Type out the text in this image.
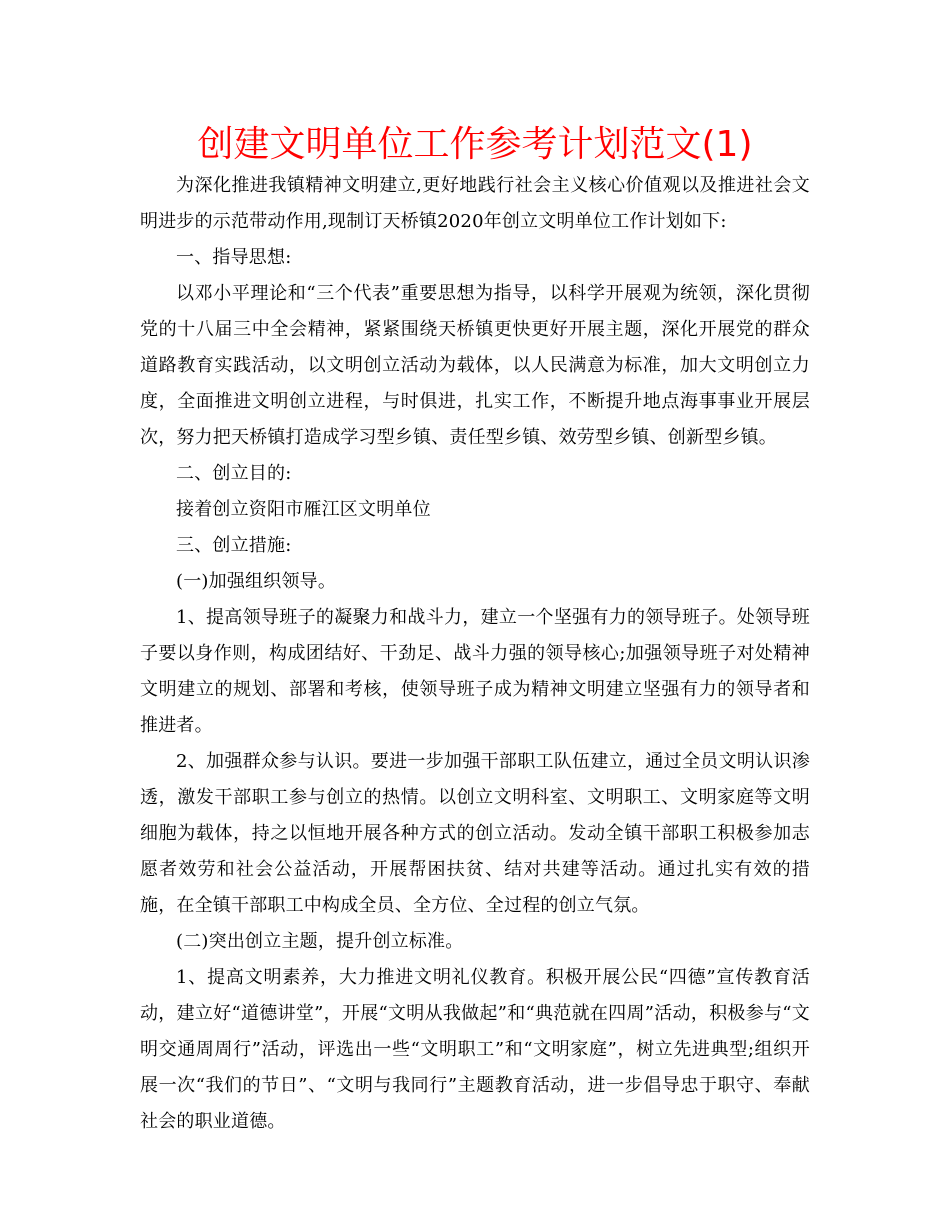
创建文明单位工作参考计划范文(1)

为深化推进我镇精神文明建立,更好地践行社会主义核心价值观以及推进社会文明进步的示范带动作用,现制订天桥镇2020年创立文明单位工作计划如下:

一、指导思想:

以邓小平理论和“三个代表”重要思想为指导，以科学开展观为统领，深化贯彻党的十八届三中全会精神，紧紧围绕天桥镇更快更好开展主题，深化开展党的群众道路教育实践活动，以文明创立活动为载体，以人民满意为标准，加大文明创立力度，全面推进文明创立进程，与时俱进，扎实工作，不断提升地点海事事业开展层次，努力把天桥镇打造成学习型乡镇、责任型乡镇、效劳型乡镇、创新型乡镇。

二、创立目的:

接着创立资阳市雁江区文明单位

三、创立措施:

(一)加强组织领导。

1、提高领导班子的凝聚力和战斗力，建立一个坚强有力的领导班子。处领导班子要以身作则，构成团结好、干劲足、战斗力强的领导核心;加强领导班子对处精神文明建立的规划、部署和考核，使领导班子成为精神文明建立坚强有力的领导者和推进者。

2、加强群众参与认识。要进一步加强干部职工队伍建立，通过全员文明认识渗透，激发干部职工参与创立的热情。以创立文明科室、文明职工、文明家庭等文明细胞为载体，持之以恒地开展各种方式的创立活动。发动全镇干部职工积极参加志愿者效劳和社会公益活动，开展帮困扶贫、结对共建等活动。通过扎实有效的措施，在全镇干部职工中构成全员、全方位、全过程的创立气氛。

(二)突出创立主题，提升创立标准。

1、提高文明素养，大力推进文明礼仪教育。积极开展公民“四德”宣传教育活动，建立好“道德讲堂”，开展“文明从我做起”和“典范就在四周”活动，积极参与“文明交通周周行”活动，评选出一些“文明职工”和“文明家庭”，树立先进典型;组织开展一次“我们的节日”、“文明与我同行”主题教育活动，进一步倡导忠于职守、奉献社会的职业道德。
